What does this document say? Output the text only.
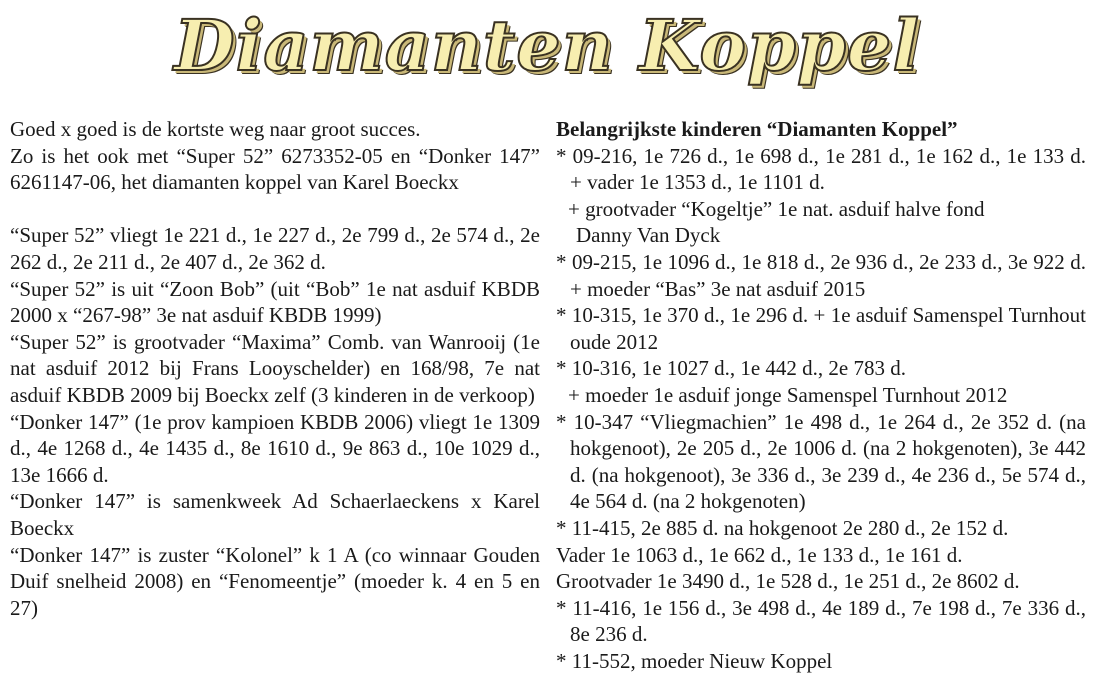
Diamanten Koppel

Goed x goed is de kortste weg naar groot succes.

Zo is het ook met “Super 52” 6273352-05 en “Donker 147” 6261147-06, het diamanten koppel van Karel Boeckx

“Super 52” vliegt 1e 221 d., 1e 227 d., 2e 799 d., 2e 574 d., 2e 262 d., 2e 211 d., 2e 407 d., 2e 362 d.

“Super 52” is uit “Zoon Bob” (uit “Bob” 1e nat asduif KBDB 2000 x “267-98” 3e nat asduif KBDB 1999)

“Super 52” is grootvader “Maxima” Comb. van Wanrooij (1e nat asduif 2012 bij Frans Looyschelder) en 168/98, 7e nat asduif KBDB 2009 bij Boeckx zelf (3 kinderen in de verkoop)

“Donker 147” (1e prov kampioen KBDB 2006) vliegt 1e 1309 d., 4e 1268 d., 4e 1435 d., 8e 1610 d., 9e 863 d., 10e 1029 d., 13e 1666 d.

“Donker 147” is samenkweek Ad Schaerlaeckens x Karel Boeckx

“Donker 147” is zuster “Kolonel” k 1 A (co winnaar Gouden Duif snelheid 2008) en “Fenomeentje” (moeder k. 4 en 5 en 27)

Belangrijkste kinderen “Diamanten Koppel”

* 09-216, 1e 726 d., 1e 698 d., 1e 281 d., 1e 162 d., 1e 133 d. + vader 1e 1353 d., 1e 1101 d.

+ grootvader “Kogeltje” 1e nat. asduif halve fond

Danny Van Dyck

* 09-215, 1e 1096 d., 1e 818 d., 2e 936 d., 2e 233 d., 3e 922 d. + moeder “Bas” 3e nat asduif 2015

* 10-315, 1e 370 d., 1e 296 d. + 1e asduif Samenspel Turnhout oude 2012

* 10-316, 1e 1027 d., 1e 442 d., 2e 783 d.

+ moeder 1e asduif jonge Samenspel Turnhout 2012

* 10-347 “Vliegmachien” 1e 498 d., 1e 264 d., 2e 352 d. (na hokgenoot), 2e 205 d., 2e 1006 d. (na 2 hokgenoten), 3e 442 d. (na hokgenoot), 3e 336 d., 3e 239 d., 4e 236 d., 5e 574 d., 4e 564 d. (na 2 hokgenoten)

* 11-415, 2e 885 d. na hokgenoot 2e 280 d., 2e 152 d.

Vader 1e 1063 d., 1e 662 d., 1e 133 d., 1e 161 d.

Grootvader 1e 3490 d., 1e 528 d., 1e 251 d., 2e 8602 d.

* 11-416, 1e 156 d., 3e 498 d., 4e 189 d., 7e 198 d., 7e 336 d., 8e 236 d.

* 11-552, moeder Nieuw Koppel
